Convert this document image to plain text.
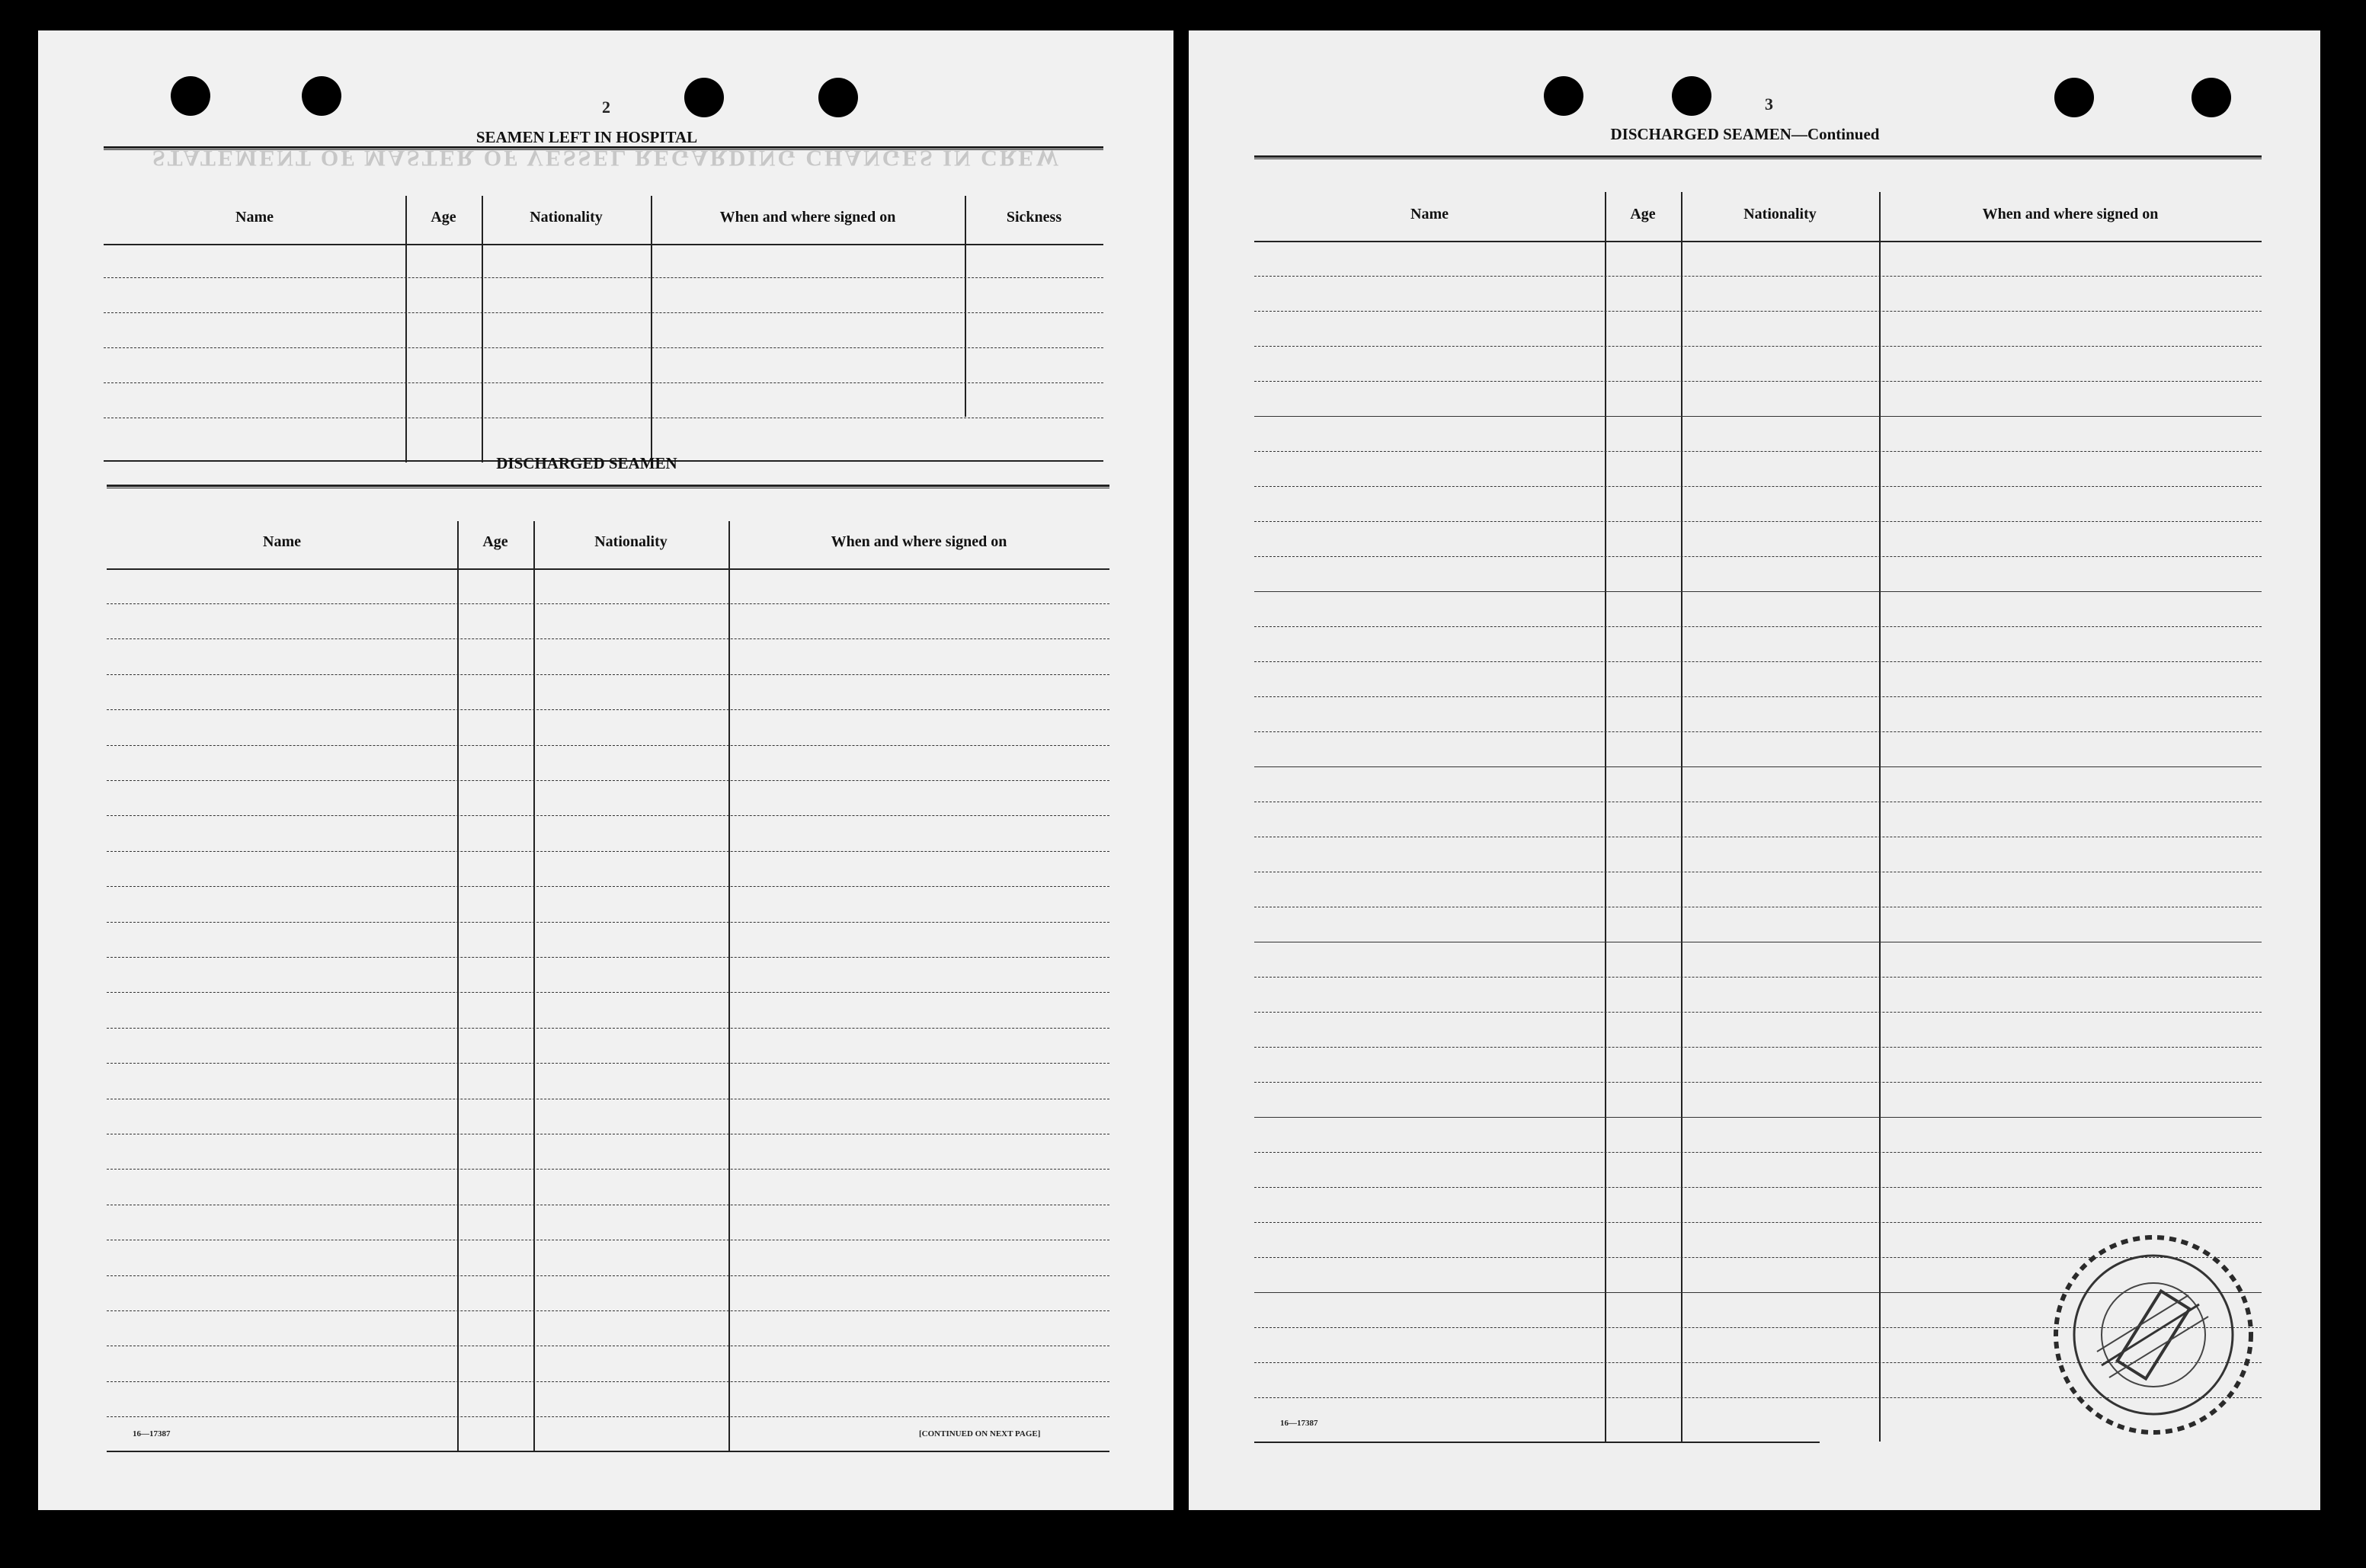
STATEMENT OF MASTER OF VESSEL REGARDING CHANGES IN CREW
2
SEAMEN LEFT IN HOSPITAL
Name	Age	Nationality	When and where signed on	Sickness
DISCHARGED SEAMEN
Name	Age	Nationality	When and where signed on
16—17387	[CONTINUED ON NEXT PAGE]
3
DISCHARGED SEAMEN—Continued
Name	Age	Nationality	When and where signed on
16—17387
